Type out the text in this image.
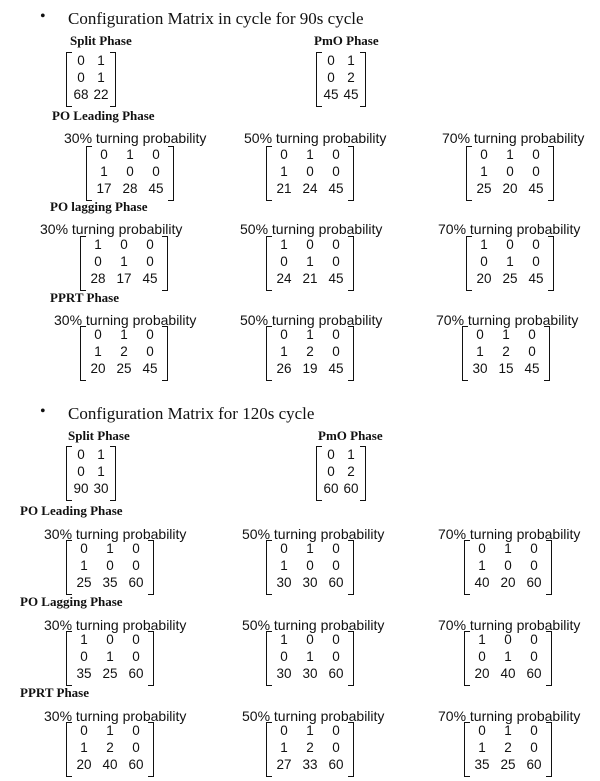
• Configuration Matrix in cycle for 90s cycle
Split Phase
0 1
0 1
68 22
PmO Phase
0 1
0 2
45 45
PO Leading Phase
30% turning probability
0	1	0
1	0	0
17 28 45
50% turning probability
0	1	0
1	0	0
21 24 45
70% turning probability
0	1	0
1	0	0
25 20 45
PO lagging Phase
30% turning probability
1	0	0
0	1	0
28 17 45
50% turning probability
1	0	0
0	1	0
24 21 45
70% turning probability
1	0	0
0	1	0
20 25 45
PPRT Phase
30% turning probability
0	1	0
1	2	0
20 25 45
50% turning probability
0	1	0
1	2	0
26 19 45
70% turning probability
0	1	0
1	2	0
30 15 45
• Configuration Matrix for 120s cycle
Split Phase
0 1
0 1
90 30
PmO Phase
0 1
0 2
60 60
PO Leading Phase
30% turning probability
0	1	0
1	0	0
25 35 60
50% turning probability
0	1	0
1	0	0
30 30 60
70% turning probability
0	1	0
1	0	0
40 20 60
PO Lagging Phase
30% turning probability
1	0	0
0	1	0
35 25 60
50% turning probability
1	0	0
0	1	0
30 30 60
70% turning probability
1	0	0
0	1	0
20 40 60
PPRT Phase
30% turning probability
0	1	0
1	2	0
20 40 60
50% turning probability
0	1	0
1	2	0
27 33 60
70% turning probability
0	1	0
1	2	0
35 25 60
